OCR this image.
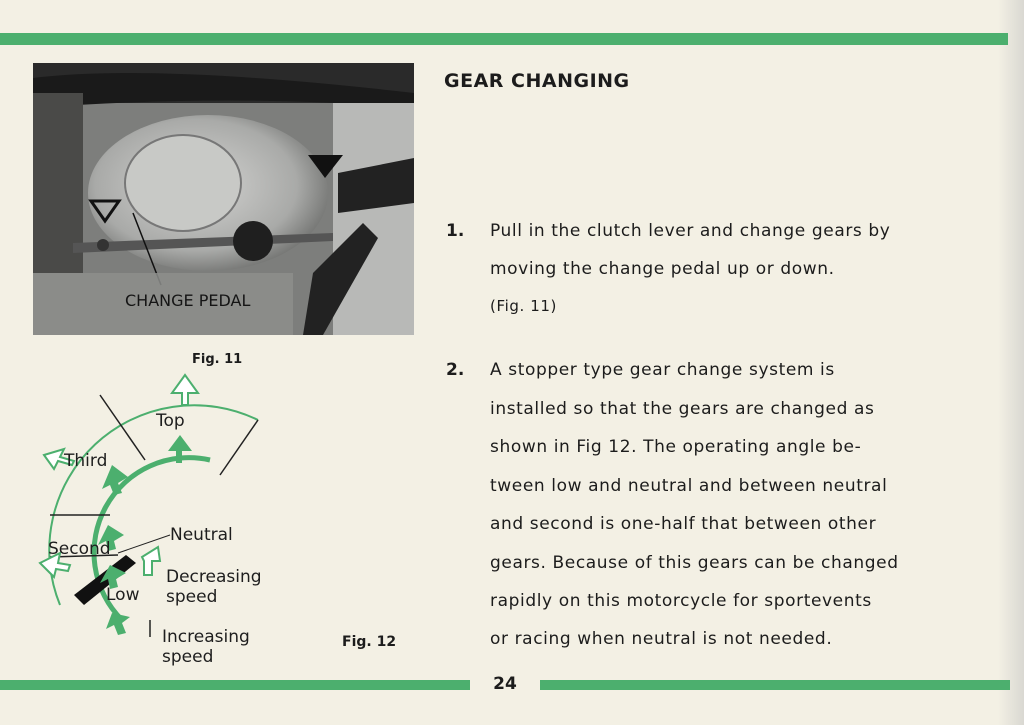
CHANGE PEDAL
Fig. 11
Top
Third
Second
Low
Neutral
Decreasing speed
Increasing speed
Fig. 12
GEAR CHANGING
1. Pull in the clutch lever and change gears by
moving the change pedal up or down.
(Fig. 11)
2. A stopper type gear change system is
installed so that the gears are changed as
shown in Fig 12. The operating angle be-
tween low and neutral and between neutral
and second is one-half that between other
gears. Because of this gears can be changed
rapidly on this motorcycle for sportevents
or racing when neutral is not needed.
24
